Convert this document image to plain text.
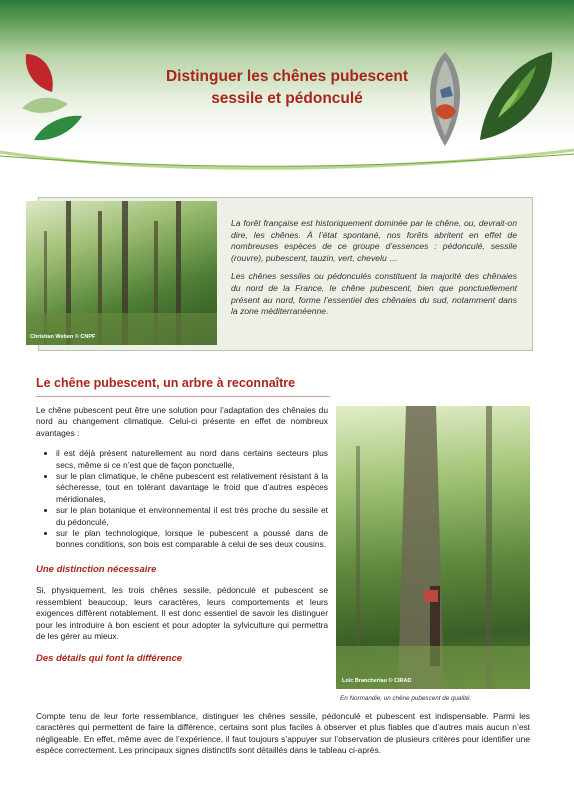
Distinguer les chênes pubescent
sessile et pédonculé
Christian Weben © CNPF

La forêt française est historiquement dominée par le chêne, ou, devrait-on dire, les chênes. À l’état spontané, nos forêts abritent en effet de nombreuses espèces de ce groupe d’essences : pédonculé, sessile (rouvre), pubescent, tauzin, vert, chevelu …

Les chênes sessiles ou pédonculés constituent la majorité des chênaies du nord de la France, le chêne pubescent, bien que ponctuellement présent au nord, forme l’essentiel des chênaies du sud, notamment dans la zone méditerranéenne.

Le chêne pubescent, un arbre à reconnaître

Le chêne pubescent peut être une solution pour l’adaptation des chênaies du nord au changement climatique. Celui-ci présente en effet de nombreux avantages :

• il est déjà présent naturellement au nord dans certains secteurs plus secs, même si ce n’est que de façon ponctuelle,
• sur le plan climatique, le chêne pubescent est relativement résistant à la sécheresse, tout en tolérant davantage le froid que d’autres espèces méridionales,
• sur le plan botanique et environnemental il est très proche du sessile et du pédonculé,
• sur le plan technologique, lorsque le pubescent a poussé dans de bonnes conditions, son bois est comparable à celui de ses deux cousins.
Une distinction nécessaire

Si, physiquement, les trois chênes sessile, pédonculé et pubescent se ressemblent beaucoup, leurs caractères, leurs comportements et leurs exigences diffèrent notablement. Il est donc essentiel de savoir les distinguer pour les introduire à bon escient et pour adopter la sylviculture qui permettra de les gérer au mieux.

Des détails qui font la différence
Loïc Brancheriau © CIRAD
En Normandie, un chêne pubescent de qualité.

Compte tenu de leur forte ressemblance, distinguer les chênes sessile, pédonculé et pubescent est indispensable. Parmi les caractères qui permettent de faire la différence, certains sont plus faciles à observer et plus fiables que d’autres mais aucun n’est négligeable. En effet, même avec de l’expérience, il faut toujours s’appuyer sur l’observation de plusieurs critères pour identifier une espèce correctement. Les principaux signes distinctifs sont détaillés dans le tableau ci-après.
